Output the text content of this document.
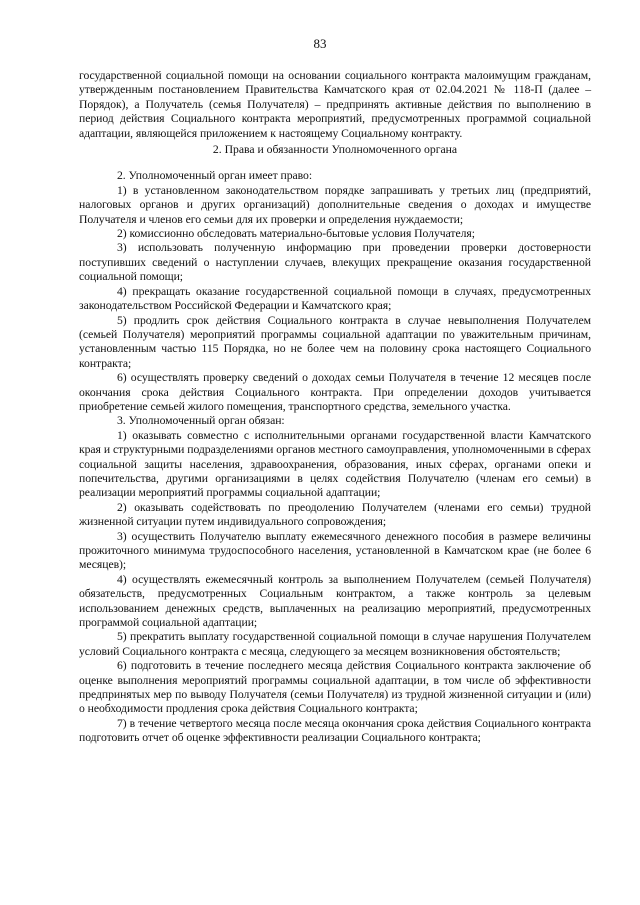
83

государственной социальной помощи на основании социального контракта малоимущим гражданам, утвержденным постановлением Правительства Камчатского края от 02.04.2021 № 118-П (далее – Порядок), а Получатель (семья Получателя) – предпринять активные действия по выполнению в период действия Социального контракта мероприятий, предусмотренных программой социальной адаптации, являющейся приложением к настоящему Социальному контракту.

2. Права и обязанности Уполномоченного органа

2. Уполномоченный орган имеет право:

1) в установленном законодательством порядке запрашивать у третьих лиц (предприятий, налоговых органов и других организаций) дополнительные сведения о доходах и имуществе Получателя и членов его семьи для их проверки и определения нуждаемости;

2) комиссионно обследовать материально-бытовые условия Получателя;

3) использовать полученную информацию при проведении проверки достоверности поступивших сведений о наступлении случаев, влекущих прекращение оказания государственной социальной помощи;

4) прекращать оказание государственной социальной помощи в случаях, предусмотренных законодательством Российской Федерации и Камчатского края;

5) продлить срок действия Социального контракта в случае невыполнения Получателем (семьей Получателя) мероприятий программы социальной адаптации по уважительным причинам, установленным частью 115 Порядка, но не более чем на половину срока настоящего Социального контракта;

6) осуществлять проверку сведений о доходах семьи Получателя в течение 12 месяцев после окончания срока действия Социального контракта. При определении доходов учитывается приобретение семьей жилого помещения, транспортного средства, земельного участка.

3. Уполномоченный орган обязан:

1) оказывать совместно с исполнительными органами государственной власти Камчатского края и структурными подразделениями органов местного самоуправления, уполномоченными в сферах социальной защиты населения, здравоохранения, образования, иных сферах, органами опеки и попечительства, другими организациями в целях содействия Получателю (членам его семьи) в реализации мероприятий программы социальной адаптации;

2) оказывать содействовать по преодолению Получателем (членами его семьи) трудной жизненной ситуации путем индивидуального сопровождения;

3) осуществить Получателю выплату ежемесячного денежного пособия в размере величины прожиточного минимума трудоспособного населения, установленной в Камчатском крае (не более 6 месяцев);

4) осуществлять ежемесячный контроль за выполнением Получателем (семьей Получателя) обязательств, предусмотренных Социальным контрактом, а также контроль за целевым использованием денежных средств, выплаченных на реализацию мероприятий, предусмотренных программой социальной адаптации;

5) прекратить выплату государственной социальной помощи в случае нарушения Получателем условий Социального контракта с месяца, следующего за месяцем возникновения обстоятельств;

6) подготовить в течение последнего месяца действия Социального контракта заключение об оценке выполнения мероприятий программы социальной адаптации, в том числе об эффективности предпринятых мер по выводу Получателя (семьи Получателя) из трудной жизненной ситуации и (или) о необходимости продления срока действия Социального контракта;

7) в течение четвертого месяца после месяца окончания срока действия Социального контракта подготовить отчет об оценке эффективности реализации Социального контракта;
